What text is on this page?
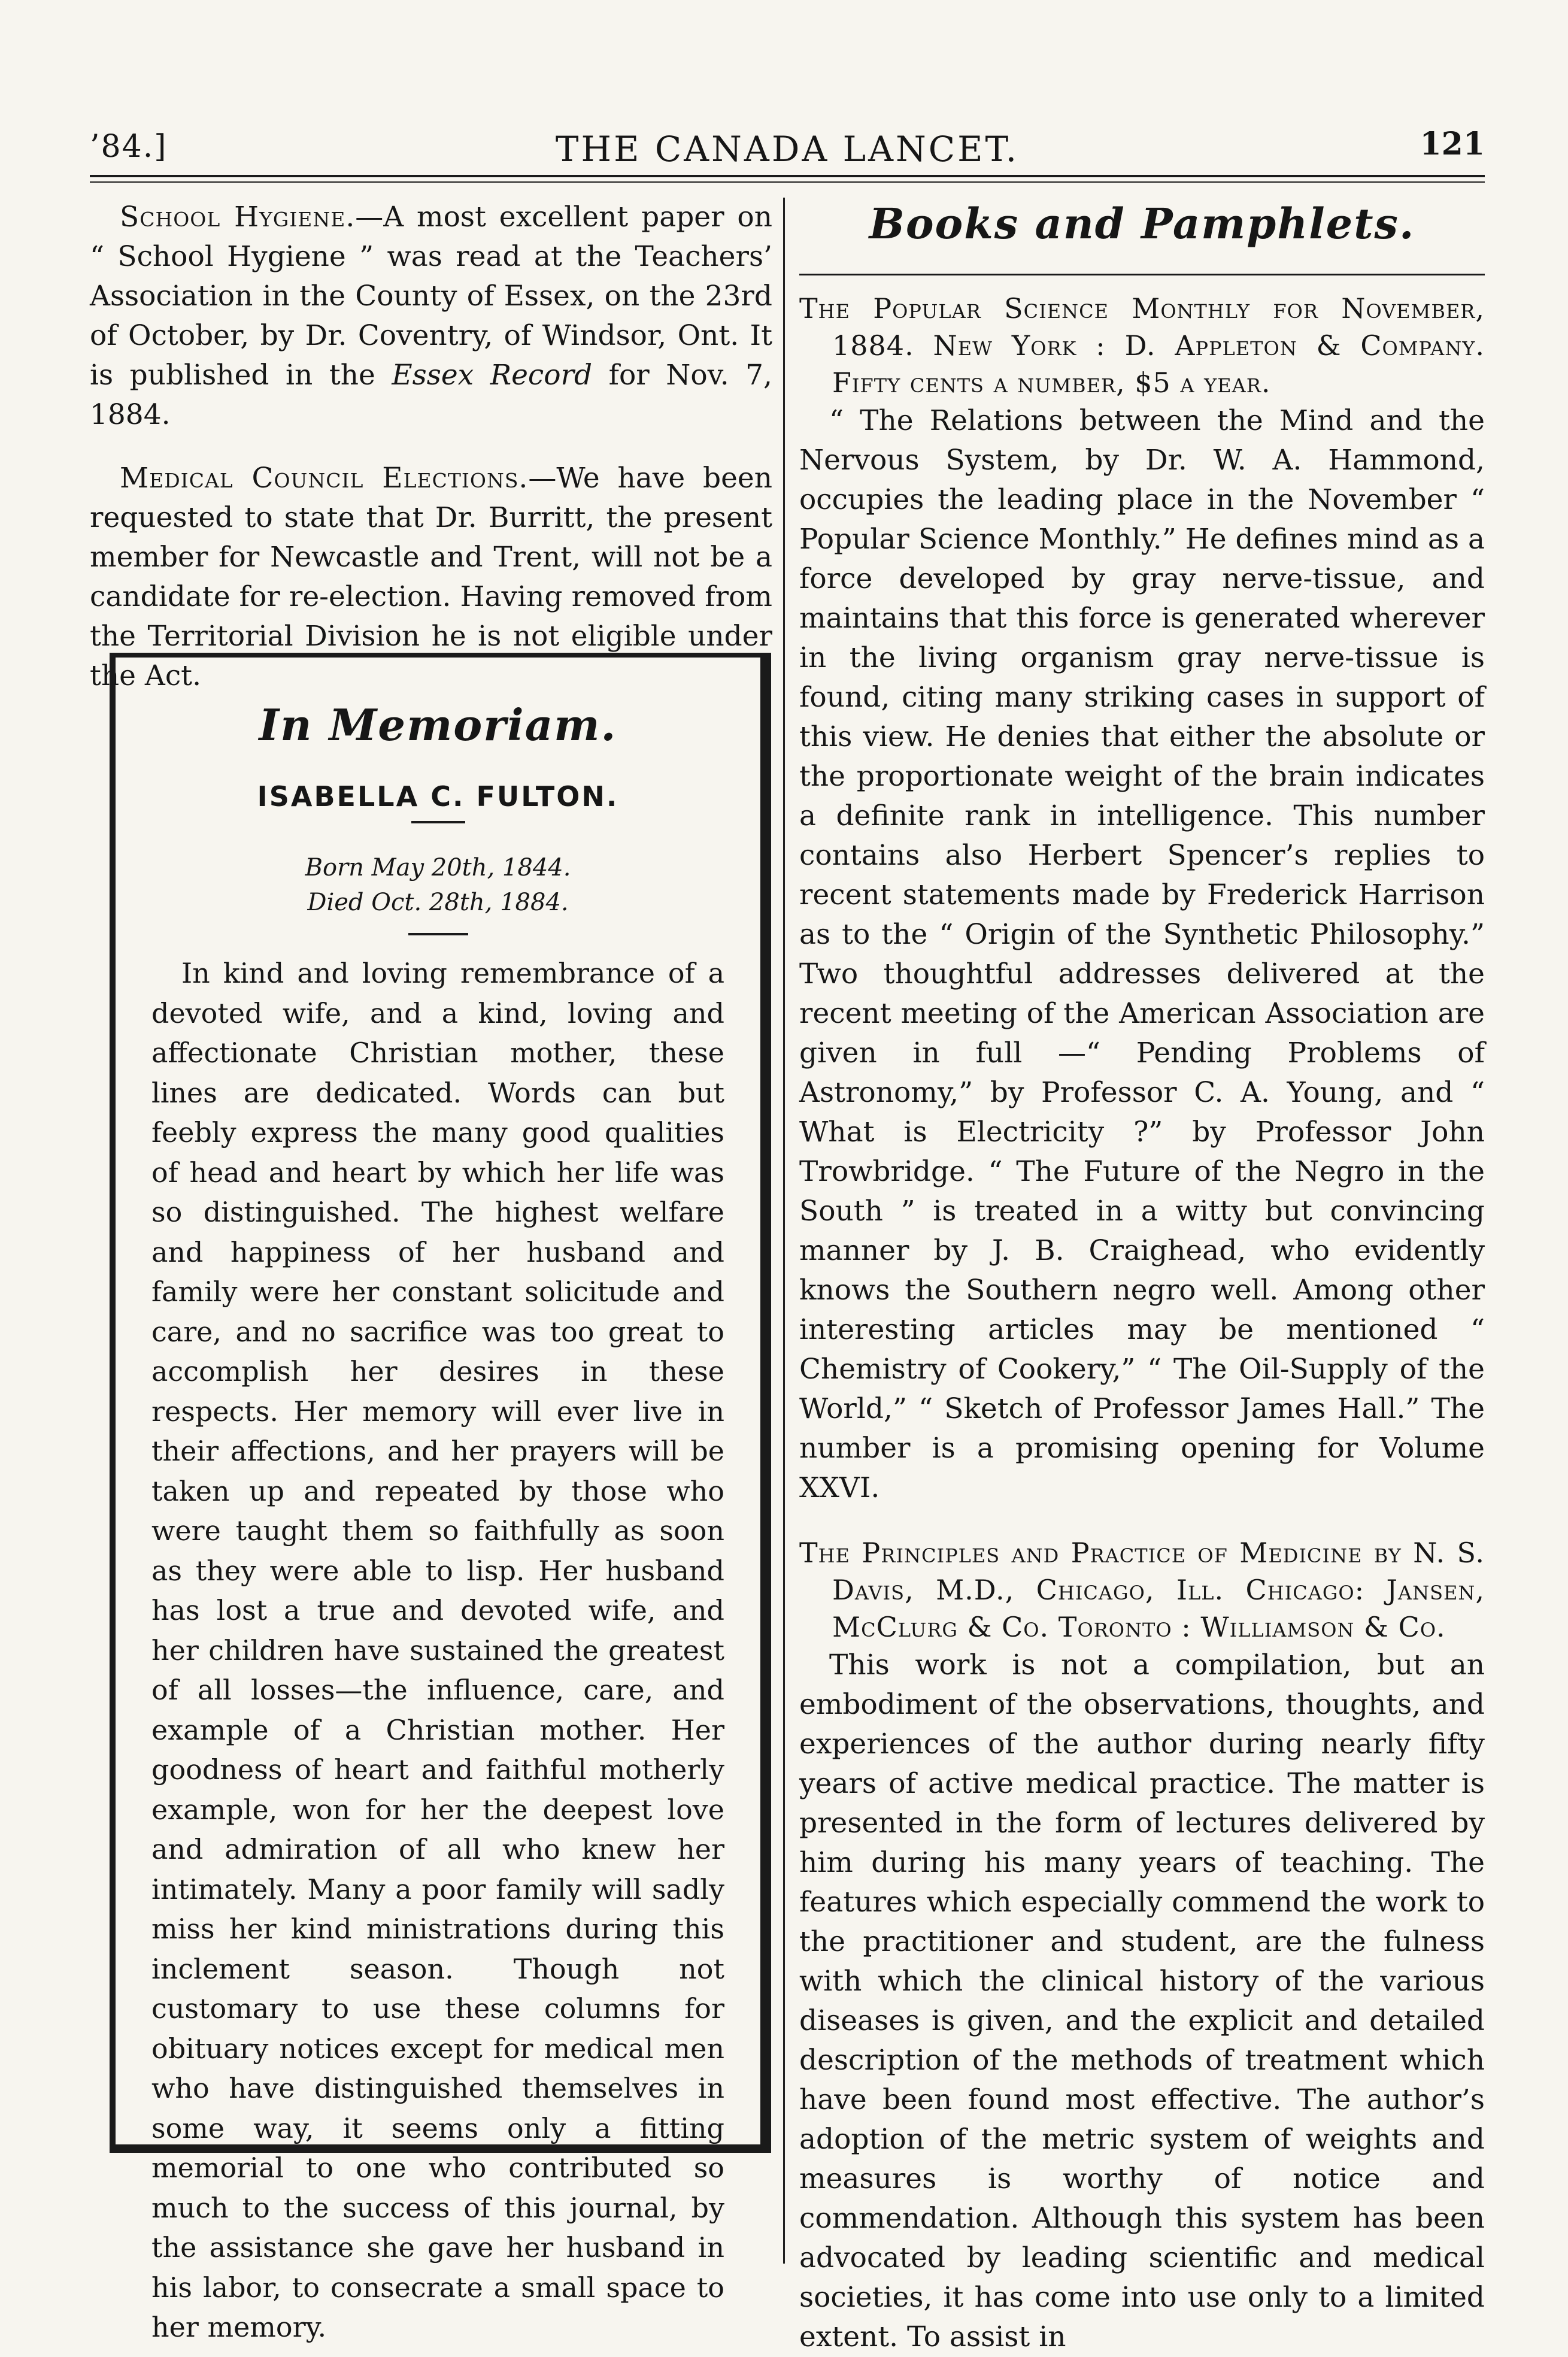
’84.]	THE CANADA LANCET.	121

School Hygiene.—A most excellent paper on “ School Hygiene ” was read at the Teachers’ Association in the County of Essex, on the 23rd of October, by Dr. Coventry, of Windsor, Ont. It is published in the Essex Record for Nov. 7, 1884.

Medical Council Elections.—We have been requested to state that Dr. Burritt, the present member for Newcastle and Trent, will not be a candidate for re-election. Having removed from the Territorial Division he is not eligible under the Act.

In Memoriam.
ISABELLA C. FULTON.
Born May 20th, 1844.
Died Oct. 28th, 1884.

In kind and loving remembrance of a devoted wife, and a kind, loving and affectionate Christian mother, these lines are dedicated. Words can but feebly express the many good qualities of head and heart by which her life was so distinguished. The highest welfare and happiness of her husband and family were her constant solicitude and care, and no sacrifice was too great to accomplish her desires in these respects. Her memory will ever live in their affections, and her prayers will be taken up and repeated by those who were taught them so faithfully as soon as they were able to lisp. Her husband has lost a true and devoted wife, and her children have sustained the greatest of all losses—the influence, care, and example of a Christian mother. Her goodness of heart and faithful motherly example, won for her the deepest love and admiration of all who knew her intimately. Many a poor family will sadly miss her kind ministrations during this inclement season. Though not customary to use these columns for obituary notices except for medical men who have distinguished themselves in some way, it seems only a fitting memorial to one who contributed so much to the success of this journal, by the assistance she gave her husband in his labor, to consecrate a small space to her memory.

Books and Pamphlets.

The Popular Science Monthly for November, 1884. New York : D. Appleton & Company. Fifty cents a number, $5 a year.

“ The Relations between the Mind and the Nervous System, by Dr. W. A. Hammond, occupies the leading place in the November “ Popular Science Monthly.” He defines mind as a force developed by gray nerve-tissue, and maintains that this force is generated wherever in the living organism gray nerve-tissue is found, citing many striking cases in support of this view. He denies that either the absolute or the proportionate weight of the brain indicates a definite rank in intelligence. This number contains also Herbert Spencer’s replies to recent statements made by Frederick Harrison as to the “ Origin of the Synthetic Philosophy.” Two thoughtful addresses delivered at the recent meeting of the American Association are given in full —“ Pending Problems of Astronomy,” by Professor C. A. Young, and “ What is Electricity ?” by Professor John Trowbridge. “ The Future of the Negro in the South ” is treated in a witty but convincing manner by J. B. Craighead, who evidently knows the Southern negro well. Among other interesting articles may be mentioned “ Chemistry of Cookery,” “ The Oil-Supply of the World,” “ Sketch of Professor James Hall.” The number is a promising opening for Volume XXVI.

The Principles and Practice of Medicine by N. S. Davis, M.D., Chicago, Ill. Chicago: Jansen, McClurg & Co. Toronto : Williamson & Co.

This work is not a compilation, but an embodiment of the observations, thoughts, and experiences of the author during nearly fifty years of active medical practice. The matter is presented in the form of lectures delivered by him during his many years of teaching. The features which especially commend the work to the practitioner and student, are the fulness with which the clinical history of the various diseases is given, and the explicit and detailed description of the methods of treatment which have been found most effective. The author’s adoption of the metric system of weights and measures is worthy of notice and commendation. Although this system has been advocated by leading scientific and medical societies, it has come into use only to a limited extent. To assist in
